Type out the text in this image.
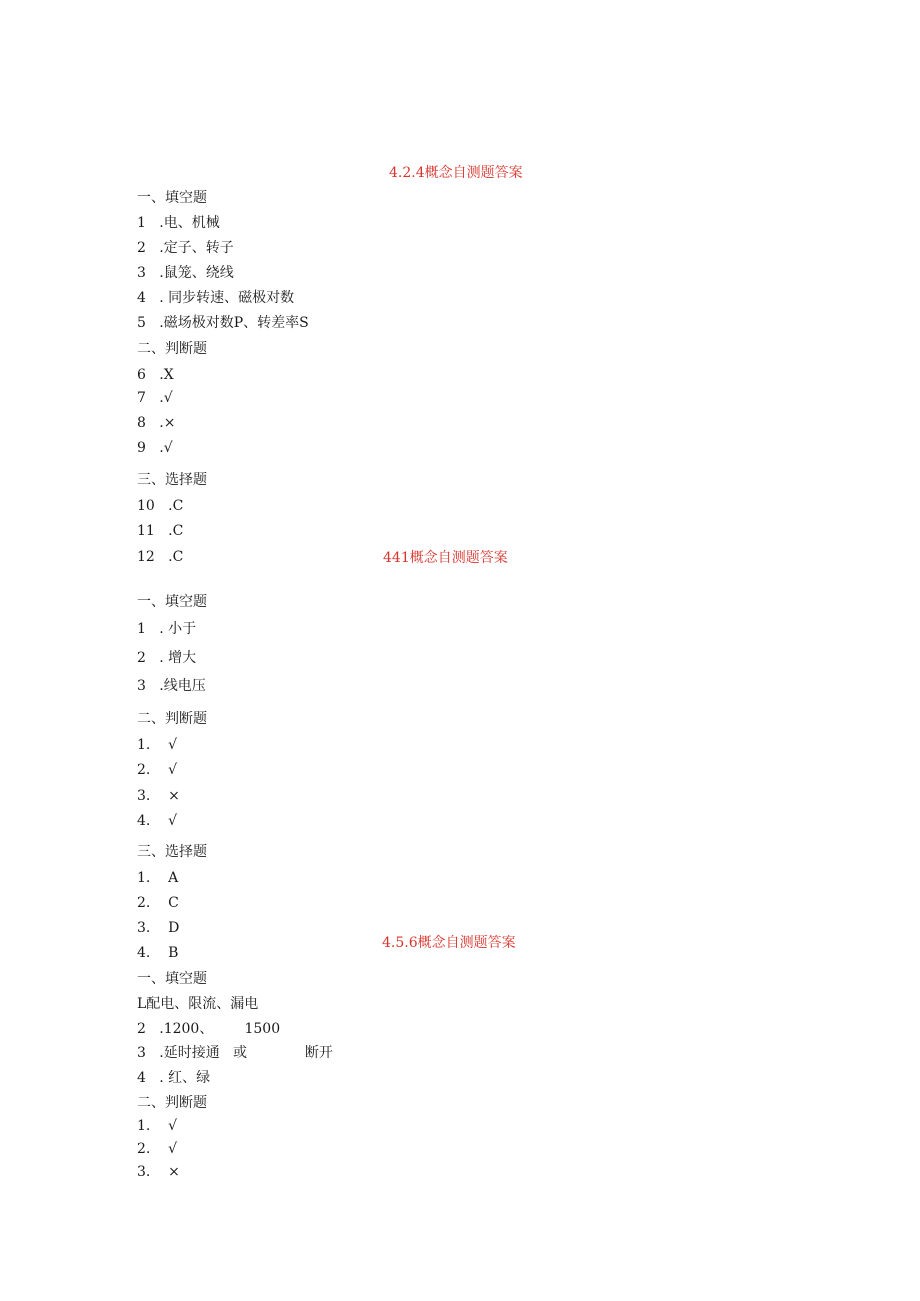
4.2.4概念自测题答案
一、填空题
1   .电、机械
2   .定子、转子
3   .鼠笼、绕线
4   . 同步转速、磁极对数
5   .磁场极对数P、转差率S
二、判断题
6   .X
7   .√
8   .×
9   .√
三、选择题
10   .C
11   .C
12   .C	441概念自测题答案
一、填空题
1   . 小于
2   . 增大
3   .线电压
二、判断题
1.    √
2.    √
3.    ×
4.    √
三、选择题
1.    A
2.    C
3.    D
4.    B
4.5.6概念自测题答案
一、填空题
L配电、限流、漏电
2   .1200、       1500
3   .延时接通   或             断开
4   . 红、绿
二、判断题
1.    √
2.    √
3.    ×
